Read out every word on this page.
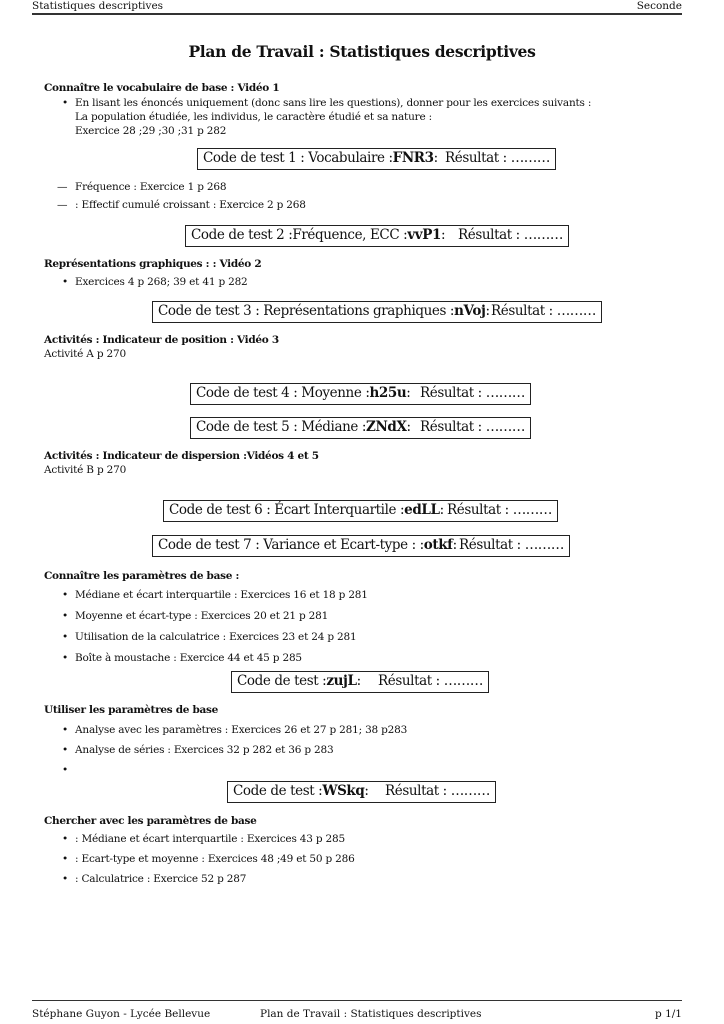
Statistiques descriptives	Seconde
Plan de Travail : Statistiques descriptives
Connaître le vocabulaire de base : Vidéo 1
• En lisant les énoncés uniquement (donc sans lire les questions), donner pour les exercices suivants :
La population étudiée, les individus, le caractère étudié et sa nature :
Exercice 28 ;29 ;30 ;31 p 282
Code de test 1 : Vocabulaire : FNR3 : Résultat : ………
— Fréquence : Exercice 1 p 268
— : Effectif cumulé croissant : Exercice 2 p 268
Code de test 2 :Fréquence, ECC : vvP1 : Résultat : ………
Représentations graphiques : : Vidéo 2
• Exercices 4 p 268; 39 et 41 p 282
Code de test 3 : Représentations graphiques : nVoj : Résultat : ………
Activités : Indicateur de position : Vidéo 3
Activité A p 270
Code de test 4 : Moyenne : h25u : Résultat : ………
Code de test 5 : Médiane : ZNdX : Résultat : ………
Activités : Indicateur de dispersion :Vidéos 4 et 5
Activité B p 270
Code de test 6 : Écart Interquartile : edLL : Résultat : ………
Code de test 7 : Variance et Ecart-type : : otkf : Résultat : ………
Connaître les paramètres de base :
• Médiane et écart interquartile : Exercices 16 et 18 p 281
• Moyenne et écart-type : Exercices 20 et 21 p 281
• Utilisation de la calculatrice : Exercices 23 et 24 p 281
• Boîte à moustache : Exercice 44 et 45 p 285
Code de test : zujL : Résultat : ………
Utiliser les paramètres de base
• Analyse avec les paramètres : Exercices 26 et 27 p 281; 38 p283
• Analyse de séries : Exercices 32 p 282 et 36 p 283
•
Code de test : WSkq : Résultat : ………
Chercher avec les paramètres de base
• : Médiane et écart interquartile : Exercices 43 p 285
• : Ecart-type et moyenne : Exercices 48 ;49 et 50 p 286
• : Calculatrice : Exercice 52 p 287
Stéphane Guyon - Lycée Bellevue	Plan de Travail : Statistiques descriptives	p 1/1
